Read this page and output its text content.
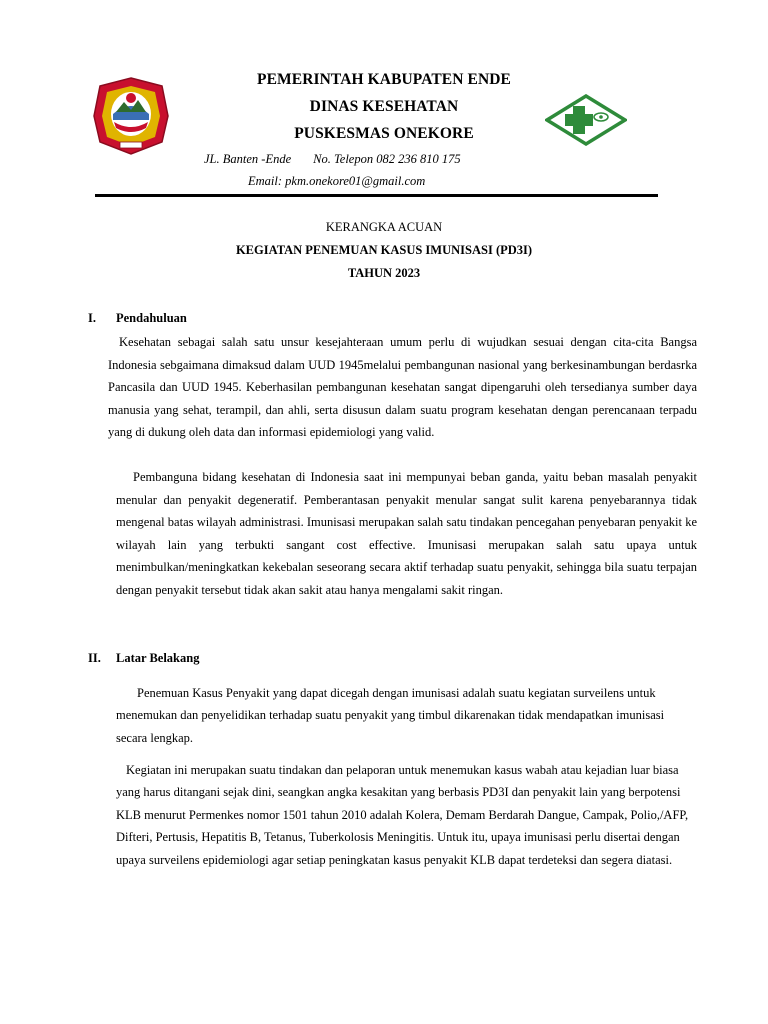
PEMERINTAH KABUPATEN ENDE
DINAS KESEHATAN
PUSKESMAS ONEKORE
JL. Banten -Ende No. Telepon 082 236 810 175
Email: pkm.onekore01@gmail.com
KERANGKA ACUAN
KEGIATAN PENEMUAN KASUS IMUNISASI (PD3I)
TAHUN 2023
I. Pendahuluan
Kesehatan sebagai salah satu unsur kesejahteraan umum perlu di wujudkan sesuai dengan cita-cita Bangsa Indonesia sebgaimana dimaksud dalam UUD 1945melalui pembangunan nasional yang berkesinambungan berdasrka Pancasila dan UUD 1945. Keberhasilan pembangunan kesehatan sangat dipengaruhi oleh tersedianya sumber daya manusia yang sehat, terampil, dan ahli, serta disusun dalam suatu program kesehatan dengan perencanaan terpadu yang di dukung oleh data dan informasi epidemiologi yang valid.
Pembanguna bidang kesehatan di Indonesia saat ini mempunyai beban ganda, yaitu beban masalah penyakit menular dan penyakit degeneratif. Pemberantasan penyakit menular sangat sulit karena penyebarannya tidak mengenal batas wilayah administrasi. Imunisasi merupakan salah satu tindakan pencegahan penyebaran penyakit ke wilayah lain yang terbukti sangant cost effective. Imunisasi merupakan salah satu upaya untuk menimbulkan/meningkatkan kekebalan seseorang secara aktif terhadap suatu penyakit, sehingga bila suatu terpajan dengan penyakit tersebut tidak akan sakit atau hanya mengalami sakit ringan.
II. Latar Belakang
Penemuan Kasus Penyakit yang dapat dicegah dengan imunisasi adalah suatu kegiatan surveilens untuk menemukan dan penyelidikan terhadap suatu penyakit yang timbul dikarenakan tidak mendapatkan imunisasi secara lengkap.
Kegiatan ini merupakan suatu tindakan dan pelaporan untuk menemukan kasus wabah atau kejadian luar biasa yang harus ditangani sejak dini, seangkan angka kesakitan yang berbasis PD3I dan penyakit lain yang berpotensi KLB menurut Permenkes nomor 1501 tahun 2010 adalah Kolera, Demam Berdarah Dangue, Campak, Polio,/AFP, Difteri, Pertusis, Hepatitis B, Tetanus, Tuberkolosis Meningitis. Untuk itu, upaya imunisasi perlu disertai dengan upaya surveilens epidemiologi agar setiap peningkatan kasus penyakit KLB dapat terdeteksi dan segera diatasi.
